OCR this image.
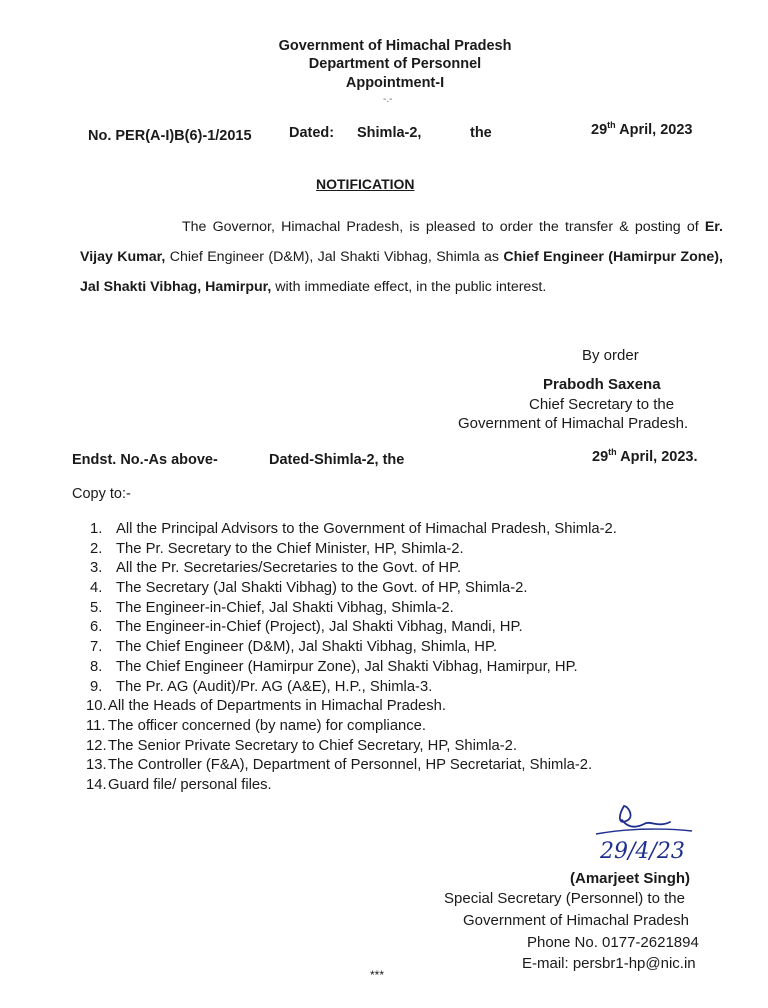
Government of Himachal Pradesh
Department of Personnel
Appointment-I
-.-
No. PER(A-I)B(6)-1/2015	Dated: Shimla-2,	the	29th April, 2023
NOTIFICATION
The Governor, Himachal Pradesh, is pleased to order the transfer & posting of Er. Vijay Kumar, Chief Engineer (D&M), Jal Shakti Vibhag, Shimla as Chief Engineer (Hamirpur Zone), Jal Shakti Vibhag, Hamirpur, with immediate effect, in the public interest.
By order
Prabodh Saxena
Chief Secretary to the
Government of Himachal Pradesh.
Endst. No.-As above-	Dated-Shimla-2, the	29th April, 2023.
Copy to:-
1. All the Principal Advisors to the Government of Himachal Pradesh, Shimla-2.
2. The Pr. Secretary to the Chief Minister, HP, Shimla-2.
3. All the Pr. Secretaries/Secretaries to the Govt. of HP.
4. The Secretary (Jal Shakti Vibhag) to the Govt. of HP, Shimla-2.
5. The Engineer-in-Chief, Jal Shakti Vibhag, Shimla-2.
6. The Engineer-in-Chief (Project), Jal Shakti Vibhag, Mandi, HP.
7. The Chief Engineer (D&M), Jal Shakti Vibhag, Shimla, HP.
8. The Chief Engineer (Hamirpur Zone), Jal Shakti Vibhag, Hamirpur, HP.
9. The Pr. AG (Audit)/Pr. AG (A&E), H.P., Shimla-3.
10.All the Heads of Departments in Himachal Pradesh.
11. The officer concerned (by name) for compliance.
12.The Senior Private Secretary to Chief Secretary, HP, Shimla-2.
13.The Controller (F&A), Department of Personnel, HP Secretariat, Shimla-2.
14.Guard file/ personal files.
29/4/23
(Amarjeet Singh)
Special Secretary (Personnel) to the
Government of Himachal Pradesh
Phone No. 0177-2621894
E-mail: persbr1-hp@nic.in
***
